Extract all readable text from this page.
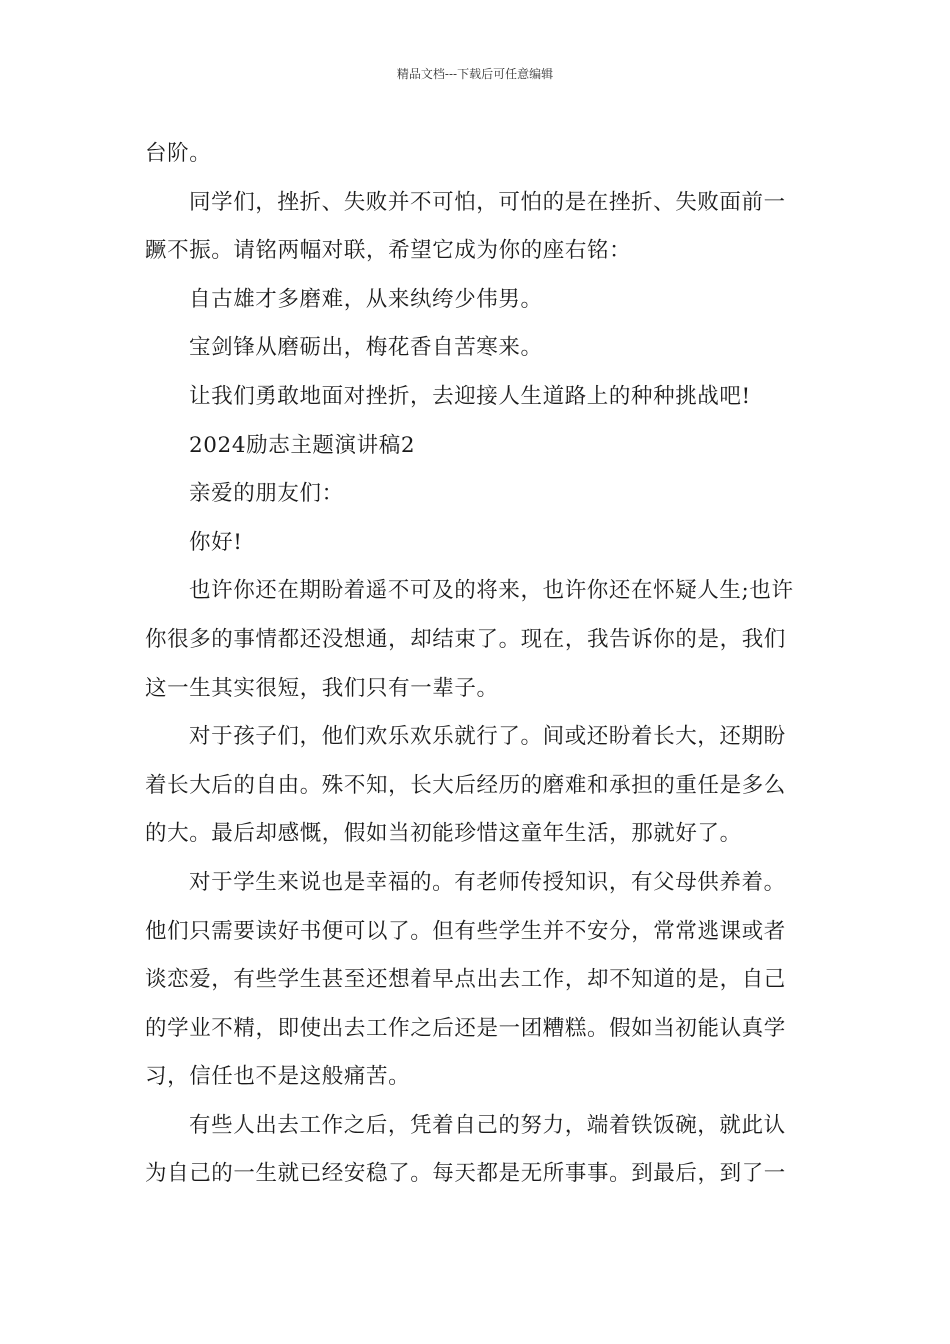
精品文档---下载后可任意编辑
台阶。
同学们，挫折、失败并不可怕，可怕的是在挫折、失败面前一
蹶不振。请铭两幅对联，希望它成为你的座右铭：
自古雄才多磨难，从来纨绔少伟男。
宝剑锋从磨砺出，梅花香自苦寒来。
让我们勇敢地面对挫折，去迎接人生道路上的种种挑战吧!
2024励志主题演讲稿2
亲爱的朋友们：
你好!
也许你还在期盼着遥不可及的将来，也许你还在怀疑人生;也许
你很多的事情都还没想通，却结束了。现在，我告诉你的是，我们
这一生其实很短，我们只有一辈子。
对于孩子们，他们欢乐欢乐就行了。间或还盼着长大，还期盼
着长大后的自由。殊不知，长大后经历的磨难和承担的重任是多么
的大。最后却感慨，假如当初能珍惜这童年生活，那就好了。
对于学生来说也是幸福的。有老师传授知识，有父母供养着。
他们只需要读好书便可以了。但有些学生并不安分，常常逃课或者
谈恋爱，有些学生甚至还想着早点出去工作，却不知道的是，自己
的学业不精，即使出去工作之后还是一团糟糕。假如当初能认真学
习，信任也不是这般痛苦。
有些人出去工作之后，凭着自己的努力，端着铁饭碗，就此认
为自己的一生就已经安稳了。每天都是无所事事。到最后，到了一
